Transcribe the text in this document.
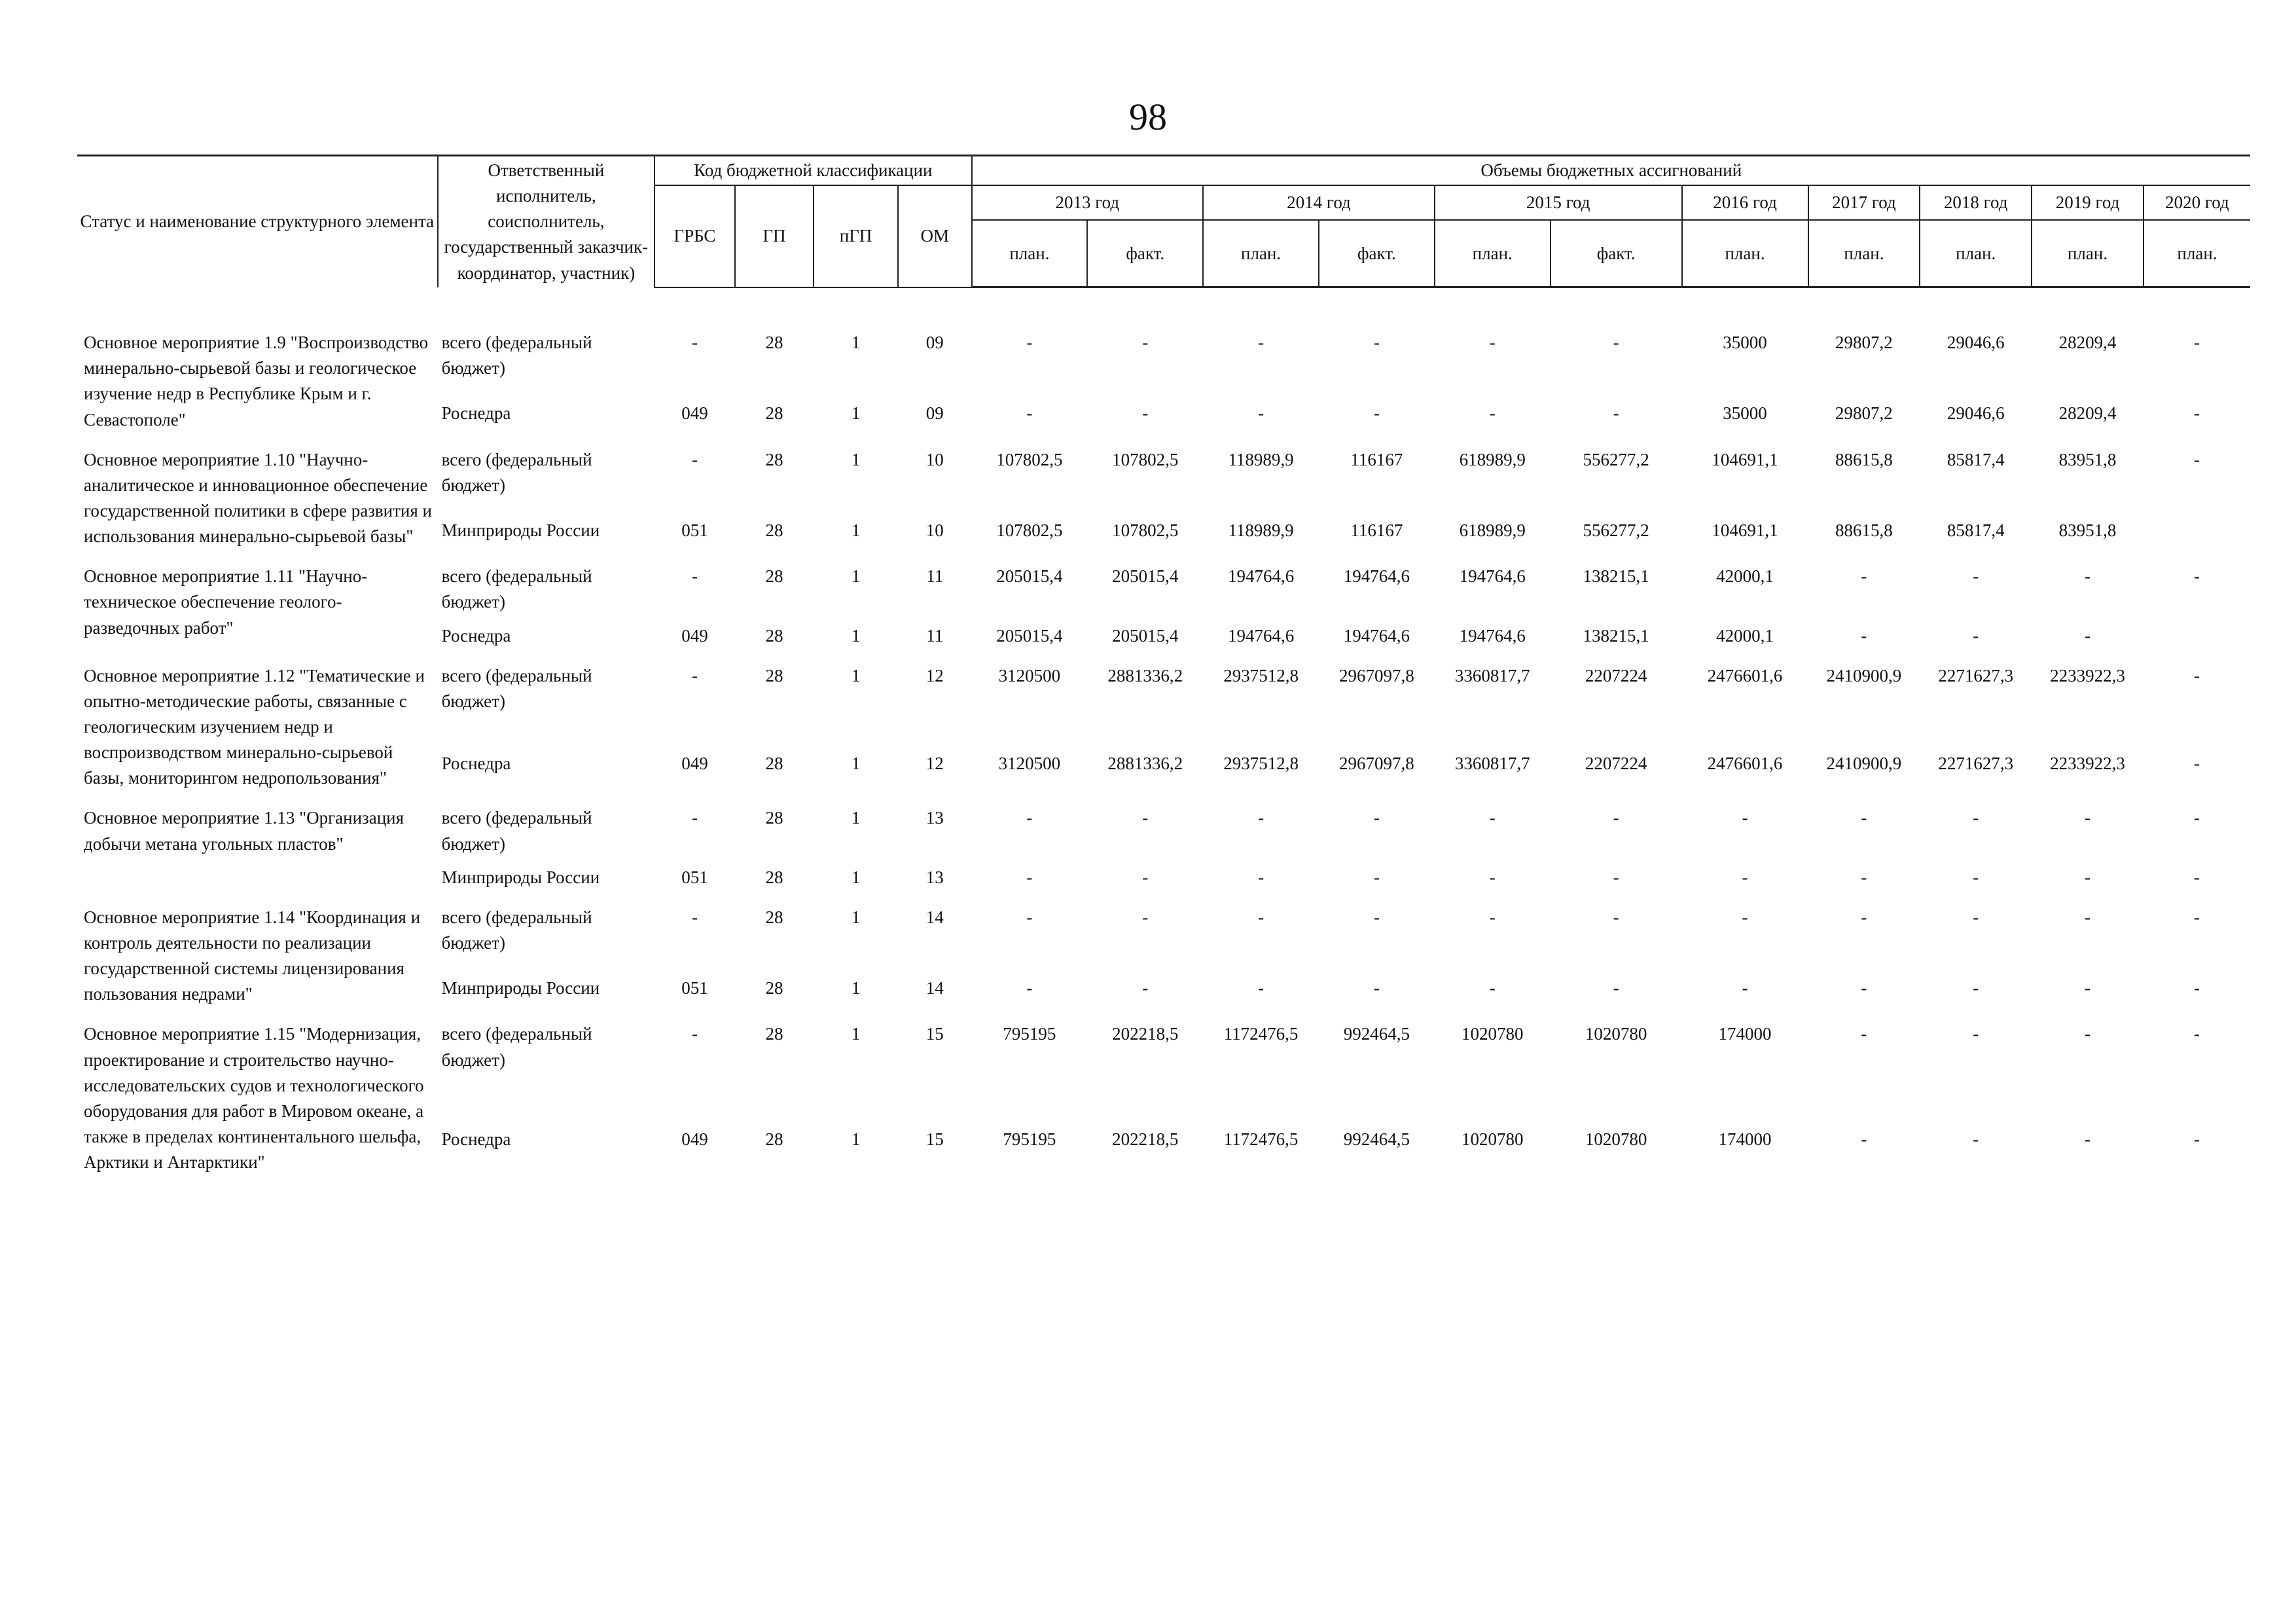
98
Статус и наименование структурного элемента	Ответственный исполнитель, соисполнитель, государственный заказчик-координатор, участник)	Код бюджетной классификации				Объемы бюджетных ассигнований										
		ГРБС	ГП	пГП	ОМ	2013 год		2014 год		2015 год		2016 год	2017 год	2018 год	2019 год	2020 год
						план.	факт.	план.	факт.	план.	факт.	план.	план.	план.	план.	план.

Основное мероприятие 1.9 "Воспроизводство минерально-сырьевой базы и геологическое изучение недр в Республике Крым и г. Севастополе"	всего (федеральный бюджет)	-	28	1	09	-	-	-	-	-	-	35000	29807,2	29046,6	28209,4	-
	Роснедра	049	28	1	09	-	-	-	-	-	-	35000	29807,2	29046,6	28209,4	-
Основное мероприятие 1.10 "Научно-аналитическое и инновационное обеспечение государственной политики в сфере развития и использования минерально-сырьевой базы"	всего (федеральный бюджет)	-	28	1	10	107802,5	107802,5	118989,9	116167	618989,9	556277,2	104691,1	88615,8	85817,4	83951,8	-
	Минприроды России	051	28	1	10	107802,5	107802,5	118989,9	116167	618989,9	556277,2	104691,1	88615,8	85817,4	83951,8	
Основное мероприятие 1.11 "Научно-техническое обеспечение геолого-разведочных работ"	всего (федеральный бюджет)	-	28	1	11	205015,4	205015,4	194764,6	194764,6	194764,6	138215,1	42000,1	-	-	-	-
	Роснедра	049	28	1	11	205015,4	205015,4	194764,6	194764,6	194764,6	138215,1	42000,1	-	-	-	
Основное мероприятие 1.12 "Тематические и опытно-методические работы, связанные с геологическим изучением недр и воспроизводством минерально-сырьевой базы, мониторингом недропользования"	всего (федеральный бюджет)	-	28	1	12	3120500	2881336,2	2937512,8	2967097,8	3360817,7	2207224	2476601,6	2410900,9	2271627,3	2233922,3	-
	Роснедра	049	28	1	12	3120500	2881336,2	2937512,8	2967097,8	3360817,7	2207224	2476601,6	2410900,9	2271627,3	2233922,3	-
Основное мероприятие 1.13 "Организация добычи метана угольных пластов"	всего (федеральный бюджет)	-	28	1	13	-	-	-	-	-	-	-	-	-	-	-
	Минприроды России	051	28	1	13	-	-	-	-	-	-	-	-	-	-	-
Основное мероприятие 1.14 "Координация и контроль деятельности по реализации государственной системы лицензирования пользования недрами"	всего (федеральный бюджет)	-	28	1	14	-	-	-	-	-	-	-	-	-	-	-
	Минприроды России	051	28	1	14	-	-	-	-	-	-	-	-	-	-	-
Основное мероприятие 1.15 "Модернизация, проектирование и строительство научно-исследовательских судов и технологического оборудования для работ в Мировом океане, а также в пределах континентального шельфа, Арктики и Антарктики"	всего (федеральный бюджет)	-	28	1	15	795195	202218,5	1172476,5	992464,5	1020780	1020780	174000	-	-	-	-
	Роснедра	049	28	1	15	795195	202218,5	1172476,5	992464,5	1020780	1020780	174000	-	-	-	-
